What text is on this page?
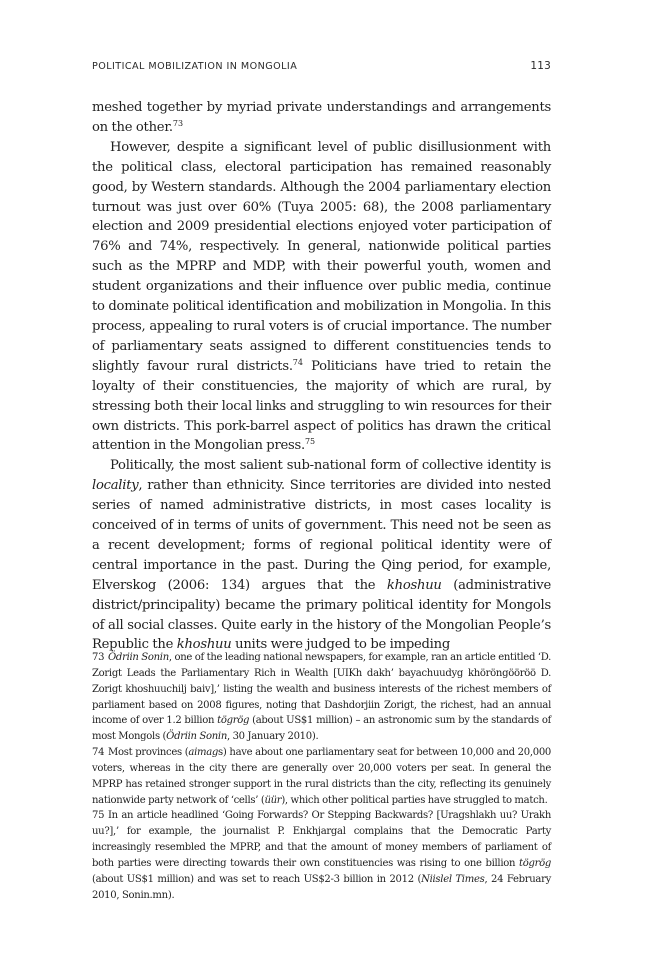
POLITICAL MOBILIZATION IN MONGOLIA	113

meshed together by myriad private understandings and arrangements on the other.$^{73}$

However, despite a significant level of public disillusionment with the political class, electoral participation has remained reasonably good, by Western standards. Although the 2004 parliamentary election turnout was just over 60% (Tuya 2005: 68), the 2008 parliamentary election and 2009 presidential elections enjoyed voter participation of 76% and 74%, respectively. In general, nationwide political parties such as the MPRP and MDP, with their powerful youth, women and student organizations and their influence over public media, continue to dominate political identification and mobilization in Mongolia. In this process, appealing to rural voters is of crucial importance. The number of parliamentary seats assigned to different constituencies tends to slightly favour rural districts.$^{74}$ Politicians have tried to retain the loyalty of their constituencies, the majority of which are rural, by stressing both their local links and struggling to win resources for their own districts. This pork-barrel aspect of politics has drawn the critical attention in the Mongolian press.$^{75}$

Politically, the most salient sub-national form of collective identity is locality, rather than ethnicity. Since territories are divided into nested series of named administrative districts, in most cases locality is conceived of in terms of units of government. This need not be seen as a recent development; forms of regional political identity were of central importance in the past. During the Qing period, for example, Elverskog (2006: 134) argues that the khoshuu (administrative district/principality) became the primary political identity for Mongols of all social classes. Quite early in the history of the Mongolian People’s Republic the khoshuu units were judged to be impeding

73 Ödriin Sonin, one of the leading national newspapers, for example, ran an article entitled ‘D. Zorigt Leads the Parliamentary Rich in Wealth [UIKh dakh’ bayachuudyg khöröngööröö D. Zorigt khoshuuchilj baiv],’ listing the wealth and business interests of the richest members of parliament based on 2008 figures, noting that Dashdorjiin Zorigt, the richest, had an annual income of over 1.2 billion tögrög (about US$1 million) – an astronomic sum by the standards of most Mongols (Ödriin Sonin, 30 January 2010).

74 Most provinces (aimags) have about one parliamentary seat for between 10,000 and 20,000 voters, whereas in the city there are generally over 20,000 voters per seat. In general the MPRP has retained stronger support in the rural districts than the city, reflecting its genuinely nationwide party network of ‘cells’ (üür), which other political parties have struggled to match.

75 In an article headlined ‘Going Forwards? Or Stepping Backwards? [Uragshlakh uu? Urakh uu?],’ for example, the journalist P. Enkhjargal complains that the Democratic Party increasingly resembled the MPRP, and that the amount of money members of parliament of both parties were directing towards their own constituencies was rising to one billion tögrög (about US$1 million) and was set to reach US$2-3 billion in 2012 (Niislel Times, 24 February 2010, Sonin.mn).
